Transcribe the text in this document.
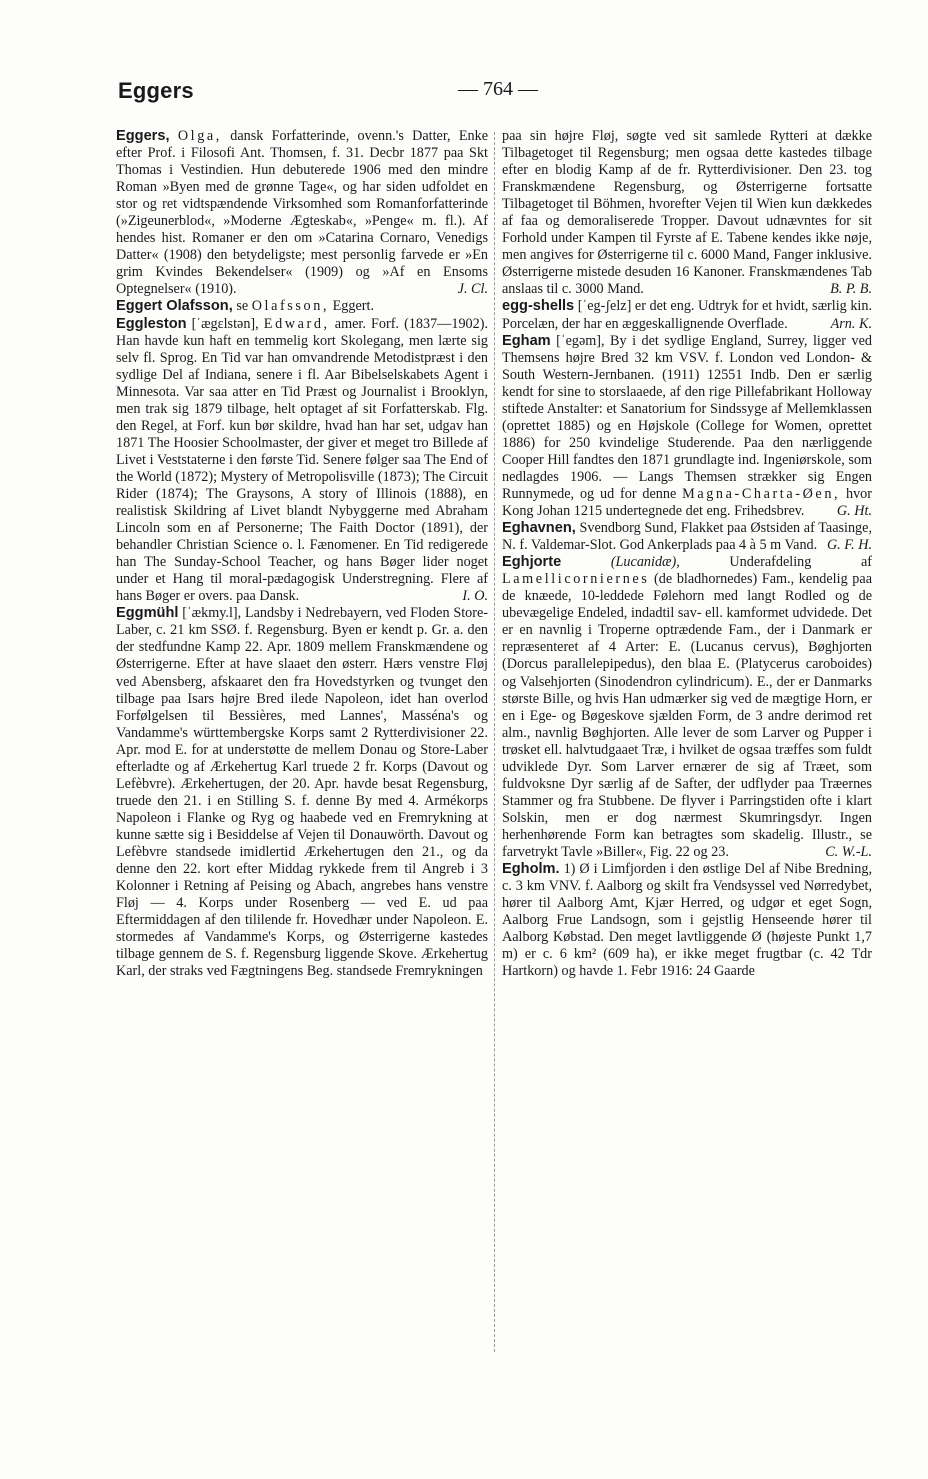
Eggers	— 764 —

Eggers, Olga, dansk Forfatterinde, ovenn.'s Datter, Enke efter Prof. i Filosofi Ant. Thomsen, f. 31. Decbr 1877 paa Skt Thomas i Vestindien. Hun debuterede 1906 med den mindre Roman »Byen med de grønne Tage«, og har siden udfoldet en stor og ret vidtspændende Virksomhed som Romanforfatterinde (»Zigeunerblod«, »Moderne Ægteskab«, »Penge« m. fl.). Af hendes hist. Romaner er den om »Catarina Cornaro, Venedigs Datter« (1908) den betydeligste; mest personlig farvede er »En grim Kvindes Bekendelser« (1909) og »Af en Ensoms Optegnelser« (1910).	J. Cl.

Eggert Olafsson, se Olafsson, Eggert.

Eggleston [ˈægɛlstən], Edward, amer. Forf. (1837—1902). Han havde kun haft en temmelig kort Skolegang, men lærte sig selv fl. Sprog. En Tid var han omvandrende Metodistpræst i den sydlige Del af Indiana, senere i fl. Aar Bibelselskabets Agent i Minnesota. Var saa atter en Tid Præst og Journalist i Brooklyn, men trak sig 1879 tilbage, helt optaget af sit Forfatterskab. Flg. den Regel, at Forf. kun bør skildre, hvad han har set, udgav han 1871 The Hoosier Schoolmaster, der giver et meget tro Billede af Livet i Veststaterne i den første Tid. Senere følger saa The End of the World (1872); Mystery of Metropolisville (1873); The Circuit Rider (1874); The Graysons, A story of Illinois (1888), en realistisk Skildring af Livet blandt Nybyggerne med Abraham Lincoln som en af Personerne; The Faith Doctor (1891), der behandler Christian Science o. l. Fænomener. En Tid redigerede han The Sunday-School Teacher, og hans Bøger lider noget under et Hang til moral-pædagogisk Understregning. Flere af hans Bøger er overs. paa Dansk.	I. O.

Eggmühl [ˈækmy.l], Landsby i Nedrebayern, ved Floden Store-Laber, c. 21 km SSØ. f. Regensburg. Byen er kendt p. Gr. a. den der stedfundne Kamp 22. Apr. 1809 mellem Franskmændene og Østerrigerne. Efter at have slaaet den østerr. Hærs venstre Fløj ved Abensberg, afskaaret den fra Hovedstyrken og tvunget den tilbage paa Isars højre Bred ilede Napoleon, idet han overlod Forfølgelsen til Bessières, med Lannes', Masséna's og Vandamme's württembergske Korps samt 2 Rytterdivisioner 22. Apr. mod E. for at understøtte de mellem Donau og Store-Laber efterladte og af Ærkehertug Karl truede 2 fr. Korps (Davout og Lefèbvre). Ærkehertugen, der 20. Apr. havde besat Regensburg, truede den 21. i en Stilling S. f. denne By med 4. Armékorps Napoleon i Flanke og Ryg og haabede ved en Fremrykning at kunne sætte sig i Besiddelse af Vejen til Donauwörth. Davout og Lefèbvre standsede imidlertid Ærkehertugen den 21., og da denne den 22. kort efter Middag rykkede frem til Angreb i 3 Kolonner i Retning af Peising og Abach, angrebes hans venstre Fløj — 4. Korps under Rosenberg — ved E. ud paa Eftermiddagen af den tililende fr. Hovedhær under Napoleon. E. stormedes af Vandamme's Korps, og Østerrigerne kastedes tilbage gennem de S. f. Regensburg liggende Skove. Ærkehertug Karl, der straks ved Fægtningens Beg. standsede Fremrykningen

paa sin højre Fløj, søgte ved sit samlede Rytteri at dække Tilbagetoget til Regensburg; men ogsaa dette kastedes tilbage efter en blodig Kamp af de fr. Rytterdivisioner. Den 23. tog Franskmændene Regensburg, og Østerrigerne fortsatte Tilbagetoget til Böhmen, hvorefter Vejen til Wien kun dækkedes af faa og demoraliserede Tropper. Davout udnævntes for sit Forhold under Kampen til Fyrste af E. Tabene kendes ikke nøje, men angives for Østerrigerne til c. 6000 Mand, Fanger inklusive. Østerrigerne mistede desuden 16 Kanoner. Franskmændenes Tab anslaas til c. 3000 Mand.	B. P. B.

egg-shells [ˈeg-ʃelz] er det eng. Udtryk for et hvidt, særlig kin. Porcelæn, der har en æggeskallignende Overflade.	Arn. K.

Egham [ˈegəm], By i det sydlige England, Surrey, ligger ved Themsens højre Bred 32 km VSV. f. London ved London- & South Western-Jernbanen. (1911) 12551 Indb. Den er særlig kendt for sine to storslaaede, af den rige Pillefabrikant Holloway stiftede Anstalter: et Sanatorium for Sindssyge af Mellemklassen (oprettet 1885) og en Højskole (College for Women, oprettet 1886) for 250 kvindelige Studerende. Paa den nærliggende Cooper Hill fandtes den 1871 grundlagte ind. Ingeniørskole, som nedlagdes 1906. — Langs Themsen strækker sig Engen Runnymede, og ud for denne Magna-Charta-Øen, hvor Kong Johan 1215 undertegnede det eng. Frihedsbrev.	G. Ht.

Eghavnen, Svendborg Sund, Flakket paa Østsiden af Taasinge, N. f. Valdemar-Slot. God Ankerplads paa 4 à 5 m Vand. G. F. H.

Eghjorte (Lucanidæ), Underafdeling af Lamellicorniernes (de bladhornedes) Fam., kendelig paa de knæede, 10-leddede Følehorn med langt Rodled og de ubevægelige Endeled, indadtil sav- ell. kamformet udvidede. Det er en navnlig i Troperne optrædende Fam., der i Danmark er repræsenteret af 4 Arter: E. (Lucanus cervus), Bøghjorten (Dorcus parallelepipedus), den blaa E. (Platycerus caroboides) og Valsehjorten (Sinodendron cylindricum). E., der er Danmarks største Bille, og hvis Han udmærker sig ved de mægtige Horn, er en i Ege- og Bøgeskove sjælden Form, de 3 andre derimod ret alm., navnlig Bøghjorten. Alle lever de som Larver og Pupper i trøsket ell. halvtudgaaet Træ, i hvilket de ogsaa træffes som fuldt udviklede Dyr. Som Larver ernærer de sig af Træet, som fuldvoksne Dyr særlig af de Safter, der udflyder paa Træernes Stammer og fra Stubbene. De flyver i Parringstiden ofte i klart Solskin, men er dog nærmest Skumringsdyr. Ingen herhenhørende Form kan betragtes som skadelig. Illustr., se farvetrykt Tavle »Biller«, Fig. 22 og 23.	C. W.-L.

Egholm. 1) Ø i Limfjorden i den østlige Del af Nibe Bredning, c. 3 km VNV. f. Aalborg og skilt fra Vendsyssel ved Nørredybet, hører til Aalborg Amt, Kjær Herred, og udgør et eget Sogn, Aalborg Frue Landsogn, som i gejstlig Henseende hører til Aalborg Købstad. Den meget lavtliggende Ø (højeste Punkt 1,7 m) er c. 6 km² (609 ha), er ikke meget frugtbar (c. 42 Tdr Hartkorn) og havde 1. Febr 1916: 24 Gaarde
